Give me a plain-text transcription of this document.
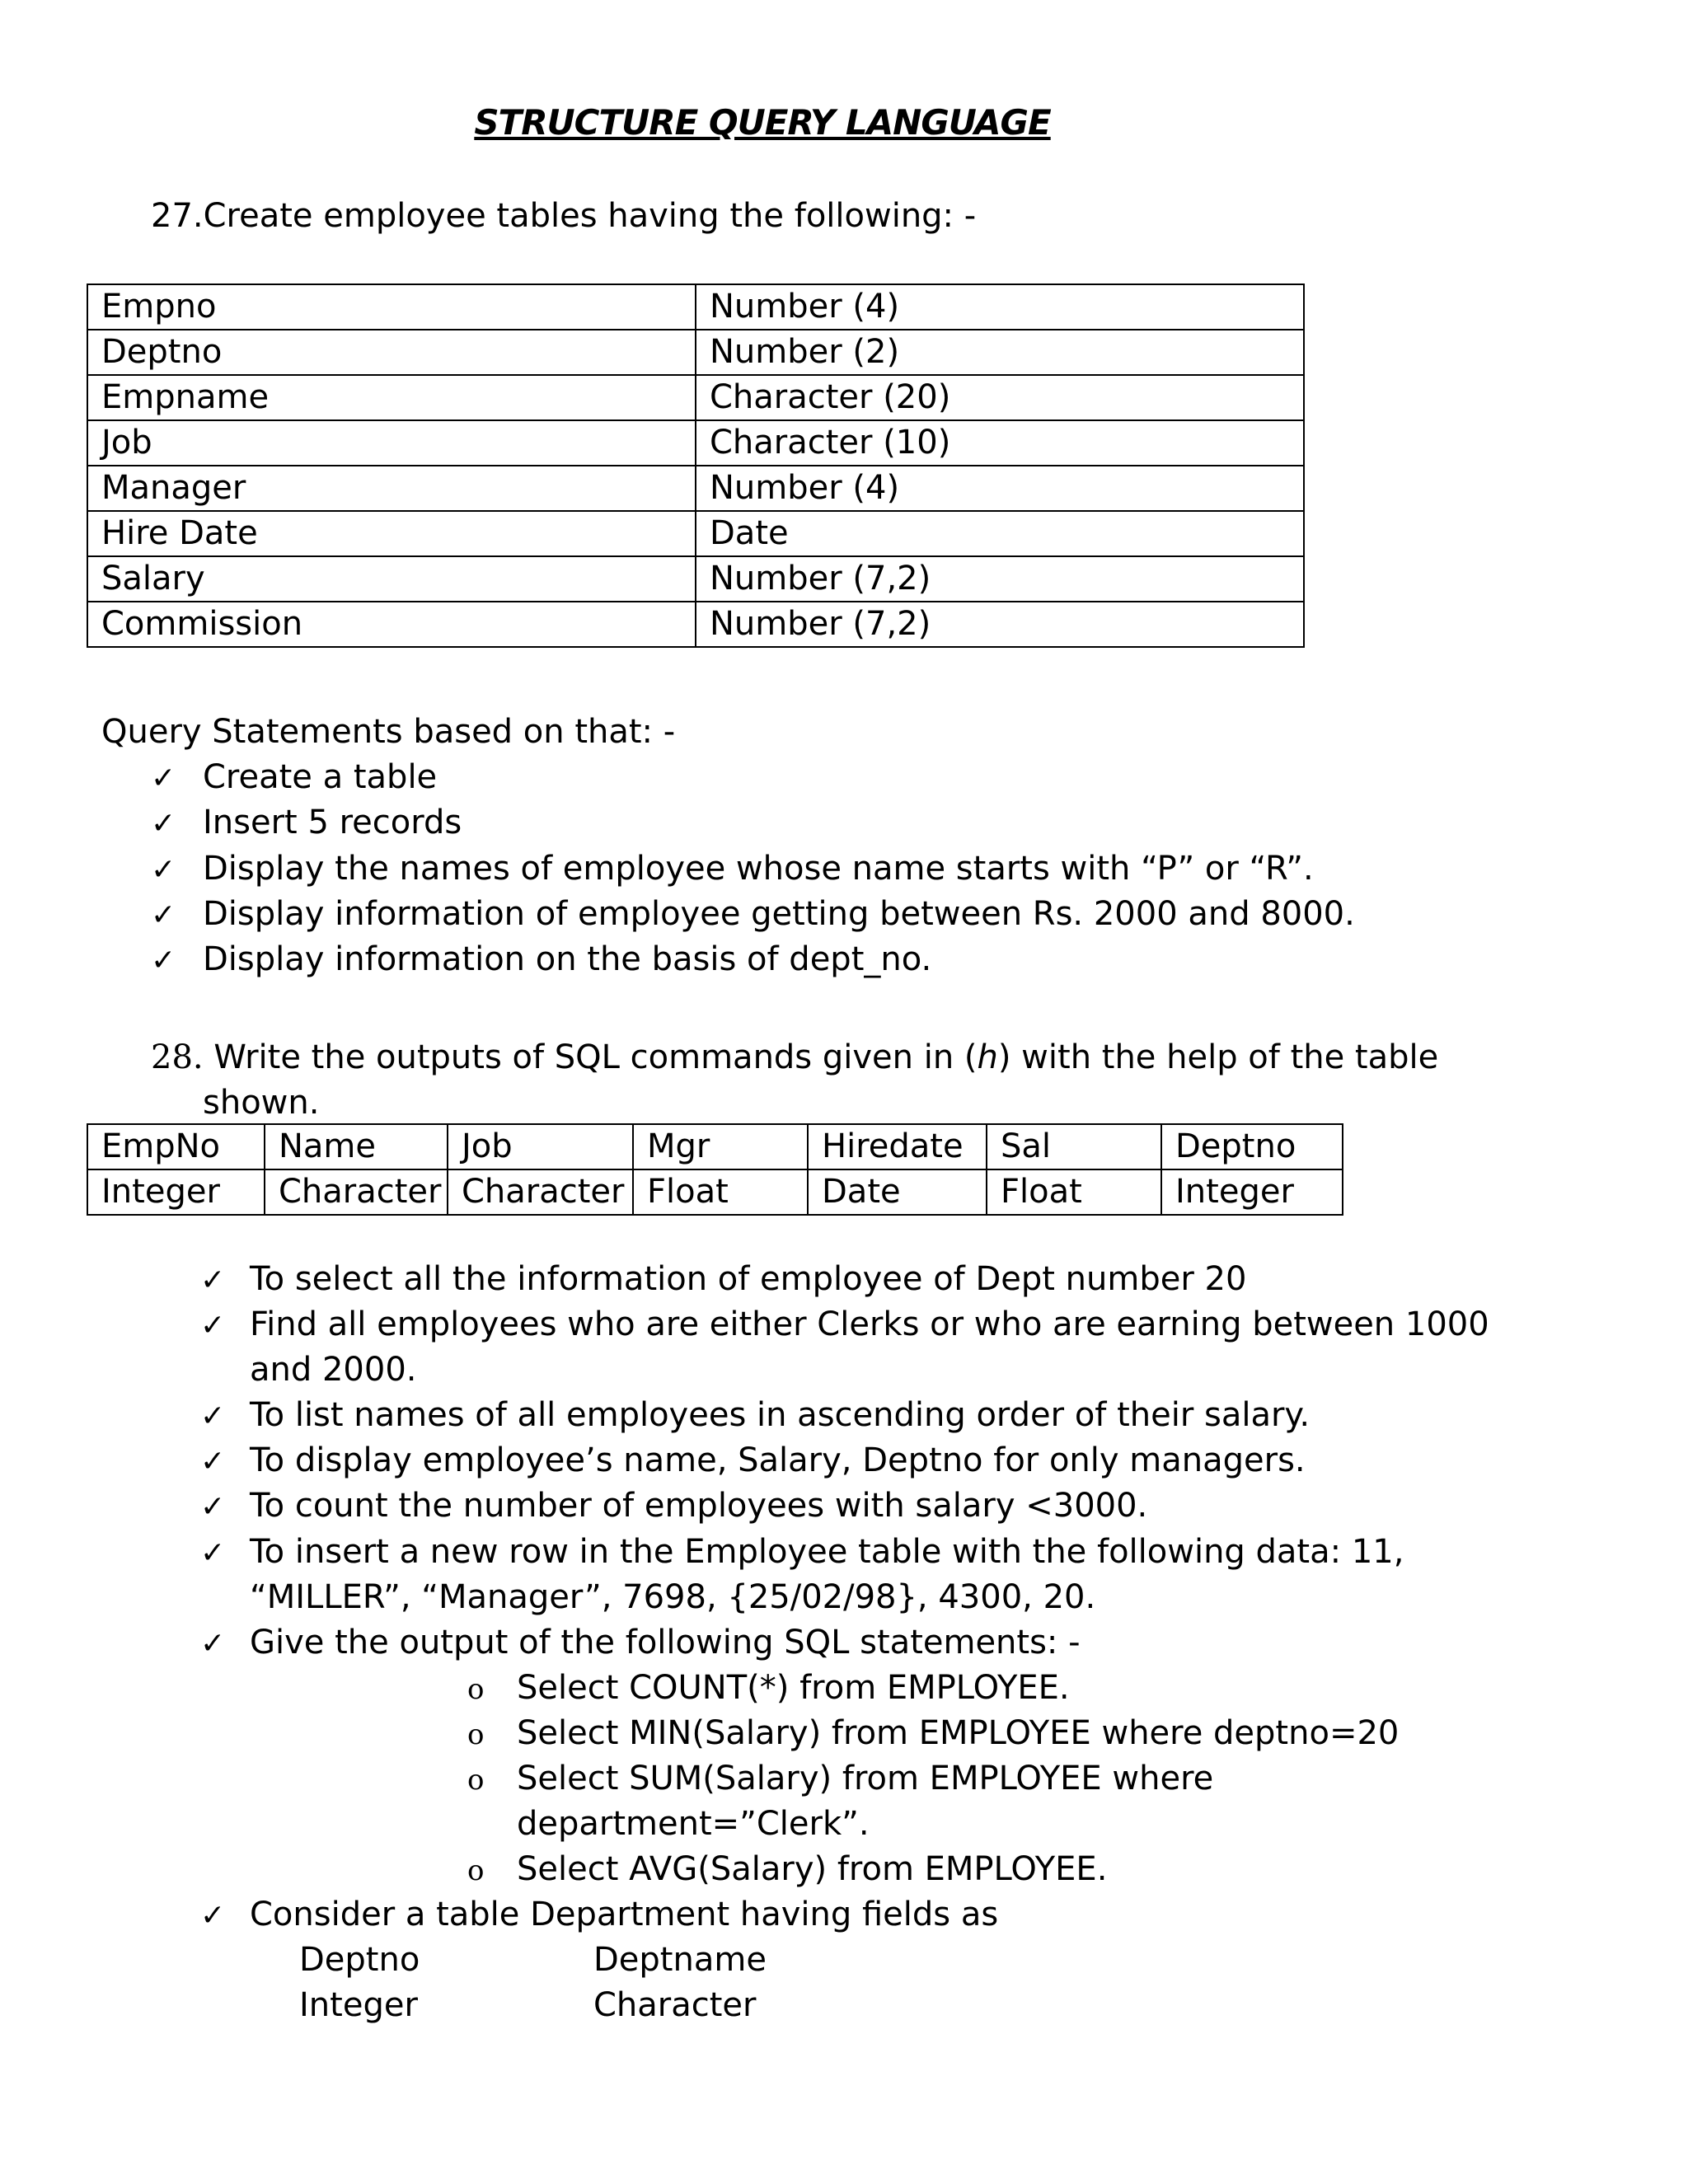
STRUCTURE QUERY LANGUAGE
27.Create employee tables having the following: -
Empno	Number (4)
Deptno	Number (2)
Empname	Character (20)
Job	Character (10)
Manager	Number (4)
Hire Date	Date
Salary	Number (7,2)
Commission	Number (7,2)
Query Statements based on that: -
✓ Create a table
✓ Insert 5 records
✓ Display the names of employee whose name starts with “P” or “R”.
✓ Display information of employee getting between Rs. 2000 and 8000.
✓ Display information on the basis of dept_no.
28. Write the outputs of SQL commands given in (h) with the help of the table
shown.
EmpNo	Name	Job	Mgr	Hiredate	Sal	Deptno
Integer	Character	Character	Float	Date	Float	Integer
✓ To select all the information of employee of Dept number 20
✓ Find all employees who are either Clerks or who are earning between 1000
and 2000.
✓ To list names of all employees in ascending order of their salary.
✓ To display employee’s name, Salary, Deptno for only managers.
✓ To count the number of employees with salary <3000.
✓ To insert a new row in the Employee table with the following data: 11,
“MILLER”, “Manager”, 7698, {25/02/98}, 4300, 20.
✓ Give the output of the following SQL statements: -
o Select COUNT(*) from EMPLOYEE.
o Select MIN(Salary) from EMPLOYEE where deptno=20
o Select SUM(Salary) from EMPLOYEE where
department=”Clerk”.
o Select AVG(Salary) from EMPLOYEE.
✓ Consider a table Department having fields as
Deptno	Deptname
Integer	Character
